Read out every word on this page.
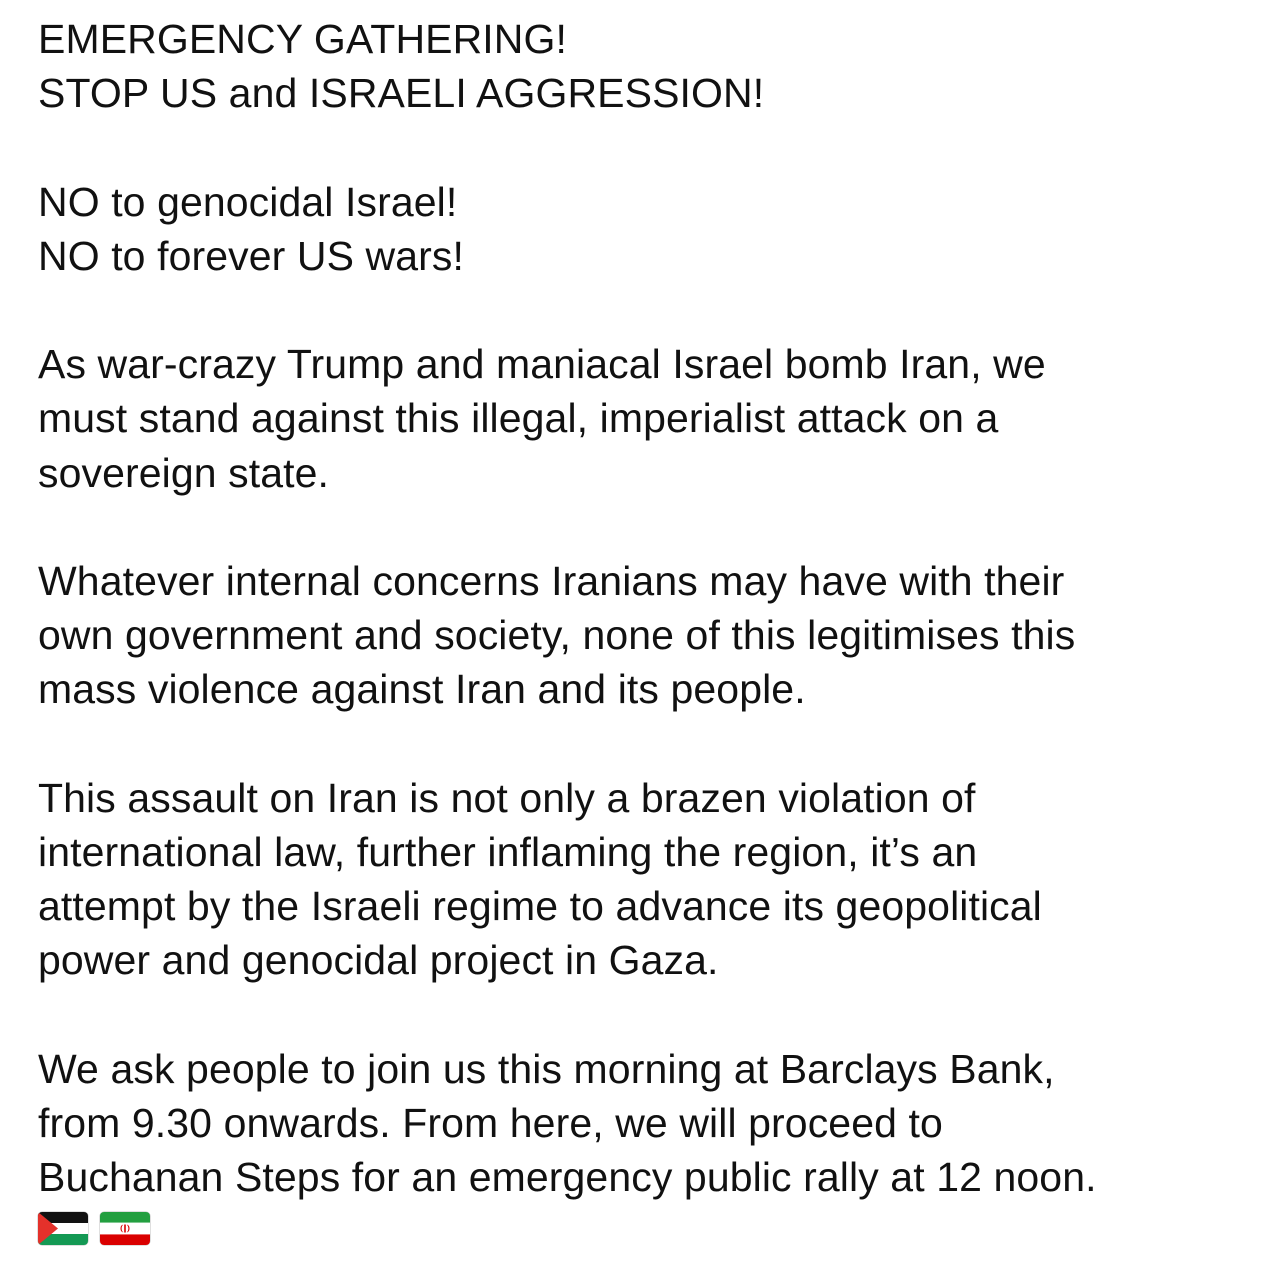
EMERGENCY GATHERING!
STOP US and ISRAELI AGGRESSION!
NO to genocidal Israel!
NO to forever US wars!
As war-crazy Trump and maniacal Israel bomb Iran, we
must stand against this illegal, imperialist attack on a
sovereign state.
Whatever internal concerns Iranians may have with their
own government and society, none of this legitimises this
mass violence against Iran and its people.
This assault on Iran is not only a brazen violation of
international law, further inflaming the region, it’s an
attempt by the Israeli regime to advance its geopolitical
power and genocidal project in Gaza.
We ask people to join us this morning at Barclays Bank,
from 9.30 onwards. From here, we will proceed to
Buchanan Steps for an emergency public rally at 12 noon.
